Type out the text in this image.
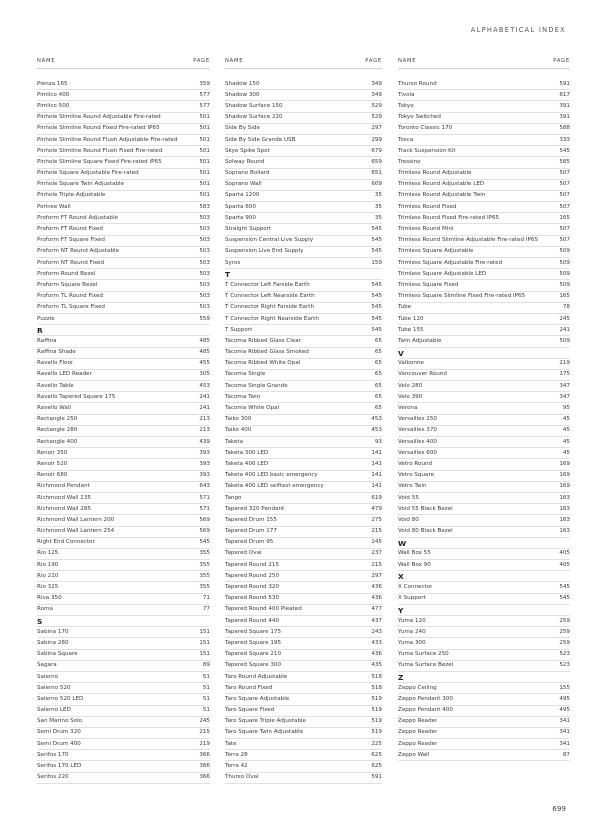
ALPHABETICAL INDEX
NAME	PAGE
Pienza 165	359
Pimlico 400	577
Pimlico 500	577
Pinhole Slimline Round Adjustable Fire-rated	501
Pinhole Slimline Round Fixed Fire-rated IP65	501
Pinhole Slimline Round Flush Adjustable Fire-rated	501
Pinhole Slimline Round Flush Fixed Fire-rated	501
Pinhole Slimline Square Fixed Fire-rated IP65	501
Pinhole Square Adjustable Fire-rated	501
Pinhole Square Twin Adjustable	501
Pinhole Triple Adjustable	501
Portree Wall	583
Proform FT Round Adjustable	503
Proform FT Round Fixed	503
Proform FT Square Fixed	503
Proform NT Round Adjustable	503
Proform NT Round Fixed	503
Proform Round Bezel	503
Proform Square Bezel	503
Proform TL Round Fixed	503
Proform TL Square Fixed	503
Puzzle	559
R
Raffina	485
Raffina Shade	485
Ravello Floor	455
Ravello LED Reader	305
Ravello Table	453
Ravello Tapered Square 175	241
Ravello Wall	241
Rectangle 250	213
Rectangle 280	213
Rectangle 400	439
Renoir 350	393
Renoir 520	393
Renoir 680	393
Richmond Pendant	643
Richmond Wall 235	571
Richmond Wall 285	571
Richmond Wall Lantern 200	569
Richmond Wall Lantern 254	569
Right End Connector	545
Rio 125	355
Rio 190	355
Rio 210	355
Rio 325	355
Riva 350	71
Roma	77
S
Sabina 170	151
Sabina 280	151
Sabina Square	151
Sagara	89
Salerno	51
Salerno 520	51
Salerno 520 LED	51
Salerno LED	51
San Marino Solo	245
Semi Drum 320	215
Semi Drum 400	219
Serifos 170	366
Serifos 170 LED	366
Serifos 220	366
NAME	PAGE
Shadow 150	349
Shadow 300	349
Shadow Surface 150	529
Shadow Surface 220	529
Side By Side	297
Side By Side Grande USB	299
Skye Spike Spot	679
Solway Round	659
Soprano Bollard	651
Soprano Wall	609
Sparta 1200	35
Sparta 600	35
Sparta 900	35
Straight Support	545
Suspension Central Live Supply	545
Suspension Live End Supply	545
Syros	159
T
T Connector Left Farside Earth	545
T Connector Left Nearside Earth	545
T Connector Right Farside Earth	545
T Connector Right Nearside Earth	545
T Support	545
Tacoma Ribbed Glass Clear	65
Tacoma Ribbed Glass Smoked	65
Tacoma Ribbed White Opal	65
Tacoma Single	65
Tacoma Single Grande	65
Tacoma Twin	65
Tacoma White Opal	65
Taiko 300	453
Taiko 400	453
Taketa	93
Taketa 300 LED	141
Taketa 400 LED	141
Taketa 400 LED basic emergency	141
Taketa 400 LED selftest emergency	141
Tango	619
Tapered 320 Pendant	479
Tapered Drum 155	275
Tapered Drum 177	215
Tapered Drum 95	245
Tapered Oval	237
Tapered Round 215	215
Tapered Round 250	297
Tapered Round 320	436
Tapered Round 530	436
Tapered Round 400 Pleated	477
Tapered Round 440	437
Tapered Square 175	243
Tapered Square 195	433
Tapered Square 210	436
Tapered Square 300	435
Taro Round Adjustable	518
Taro Round Fixed	518
Taro Square Adjustable	519
Taro Square Fixed	519
Taro Square Triple Adjustable	519
Taro Square Twin Adjustable	519
Tate	225
Terra 28	625
Terra 42	625
Thurso Oval	591
NAME	PAGE
Thurso Round	591
Tivola	617
Tokyo	391
Tokyo Switched	391
Toronto Classic 170	588
Tosca	333
Track Suspension Kit	545
Tressino	585
Trimless Round Adjustable	507
Trimless Round Adjustable LED	507
Trimless Round Adjustable Twin	507
Trimless Round Fixed	507
Trimless Round Fixed Fire-rated IP65	165
Trimless Round Mini	507
Trimless Round Slimline Adjustable Fire-rated IP65	507
Trimless Square Adjustable	509
Trimless Square Adjustable Fire-rated	509
Trimless Square Adjustable LED	509
Trimless Square Fixed	509
Trimless Square Slimline Fixed Fire-rated IP65	165
Tube	78
Tube 120	245
Tube 155	241
Twin Adjustable	509
V
Valbonne	219
Vancouver Round	175
Velo 280	347
Velo 390	347
Verona	95
Versailles 250	45
Versailles 370	45
Versailles 400	45
Versailles 600	45
Vetro Round	169
Vetro Square	169
Vetro Twin	169
Void 55	163
Void 55 Black Bezel	163
Void 80	163
Void 80 Black Bezel	163
W
Wall Box 55	405
Wall Box 90	405
X
X Connector	545
X Support	545
Y
Yuma 120	259
Yuma 240	259
Yuma 300	259
Yuma Surface 250	523
Yuma Surface Bezel	523
Z
Zeppo Ceiling	155
Zeppo Pendant 300	495
Zeppo Pendant 400	495
Zeppo Reader	341
Zeppo Reader	341
Zeppo Reader	341
Zeppo Wall	87
699
